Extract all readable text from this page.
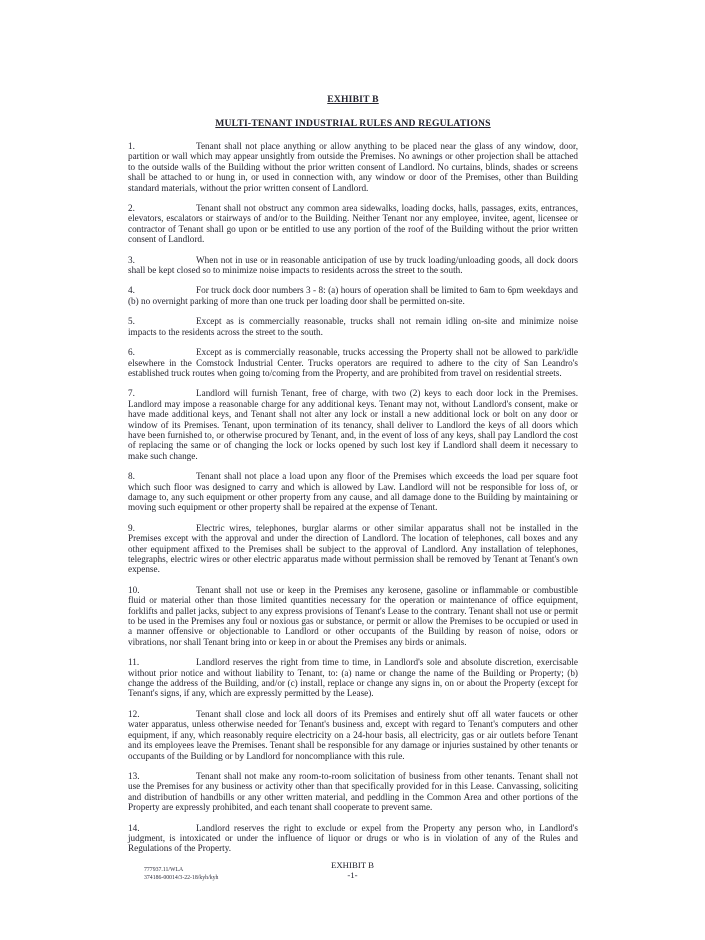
EXHIBIT B
MULTI-TENANT INDUSTRIAL RULES AND REGULATIONS

1.	Tenant shall not place anything or allow anything to be placed near the glass of any window, door, partition or wall which may appear unsightly from outside the Premises. No awnings or other projection shall be attached to the outside walls of the Building without the prior written consent of Landlord. No curtains, blinds, shades or screens shall be attached to or hung in, or used in connection with, any window or door of the Premises, other than Building standard materials, without the prior written consent of Landlord.

2.	Tenant shall not obstruct any common area sidewalks, loading docks, halls, passages, exits, entrances, elevators, escalators or stairways of and/or to the Building. Neither Tenant nor any employee, invitee, agent, licensee or contractor of Tenant shall go upon or be entitled to use any portion of the roof of the Building without the prior written consent of Landlord.

3.	When not in use or in reasonable anticipation of use by truck loading/unloading goods, all dock doors shall be kept closed so to minimize noise impacts to residents across the street to the south.

4.	For truck dock door numbers 3 - 8: (a) hours of operation shall be limited to 6am to 6pm weekdays and (b) no overnight parking of more than one truck per loading door shall be permitted on-site.

5.	Except as is commercially reasonable, trucks shall not remain idling on-site and minimize noise impacts to the residents across the street to the south.

6.	Except as is commercially reasonable, trucks accessing the Property shall not be allowed to park/idle elsewhere in the Comstock Industrial Center. Trucks operators are required to adhere to the city of San Leandro's established truck routes when going to/coming from the Property, and are prohibited from travel on residential streets.

7.	Landlord will furnish Tenant, free of charge, with two (2) keys to each door lock in the Premises. Landlord may impose a reasonable charge for any additional keys. Tenant may not, without Landlord's consent, make or have made additional keys, and Tenant shall not alter any lock or install a new additional lock or bolt on any door or window of its Premises. Tenant, upon termination of its tenancy, shall deliver to Landlord the keys of all doors which have been furnished to, or otherwise procured by Tenant, and, in the event of loss of any keys, shall pay Landlord the cost of replacing the same or of changing the lock or locks opened by such lost key if Landlord shall deem it necessary to make such change.

8.	Tenant shall not place a load upon any floor of the Premises which exceeds the load per square foot which such floor was designed to carry and which is allowed by Law. Landlord will not be responsible for loss of, or damage to, any such equipment or other property from any cause, and all damage done to the Building by maintaining or moving such equipment or other property shall be repaired at the expense of Tenant.

9.	Electric wires, telephones, burglar alarms or other similar apparatus shall not be installed in the Premises except with the approval and under the direction of Landlord. The location of telephones, call boxes and any other equipment affixed to the Premises shall be subject to the approval of Landlord. Any installation of telephones, telegraphs, electric wires or other electric apparatus made without permission shall be removed by Tenant at Tenant's own expense.

10.	Tenant shall not use or keep in the Premises any kerosene, gasoline or inflammable or combustible fluid or material other than those limited quantities necessary for the operation or maintenance of office equipment, forklifts and pallet jacks, subject to any express provisions of Tenant's Lease to the contrary. Tenant shall not use or permit to be used in the Premises any foul or noxious gas or substance, or permit or allow the Premises to be occupied or used in a manner offensive or objectionable to Landlord or other occupants of the Building by reason of noise, odors or vibrations, nor shall Tenant bring into or keep in or about the Premises any birds or animals.

11.	Landlord reserves the right from time to time, in Landlord's sole and absolute discretion, exercisable without prior notice and without liability to Tenant, to: (a) name or change the name of the Building or Property; (b) change the address of the Building, and/or (c) install, replace or change any signs in, on or about the Property (except for Tenant's signs, if any, which are expressly permitted by the Lease).

12.	Tenant shall close and lock all doors of its Premises and entirely shut off all water faucets or other water apparatus, unless otherwise needed for Tenant's business and, except with regard to Tenant's computers and other equipment, if any, which reasonably require electricity on a 24-hour basis, all electricity, gas or air outlets before Tenant and its employees leave the Premises. Tenant shall be responsible for any damage or injuries sustained by other tenants or occupants of the Building or by Landlord for noncompliance with this rule.

13.	Tenant shall not make any room-to-room solicitation of business from other tenants. Tenant shall not use the Premises for any business or activity other than that specifically provided for in this Lease. Canvassing, soliciting and distribution of handbills or any other written material, and peddling in the Common Area and other portions of the Property are expressly prohibited, and each tenant shall cooperate to prevent same.

14.	Landlord reserves the right to exclude or expel from the Property any person who, in Landlord's judgment, is intoxicated or under the influence of liquor or drugs or who is in violation of any of the Rules and Regulations of the Property.

777937.11/WLA
374186-00014/3-22-18/kyh/kyh
EXHIBIT B
-1-
